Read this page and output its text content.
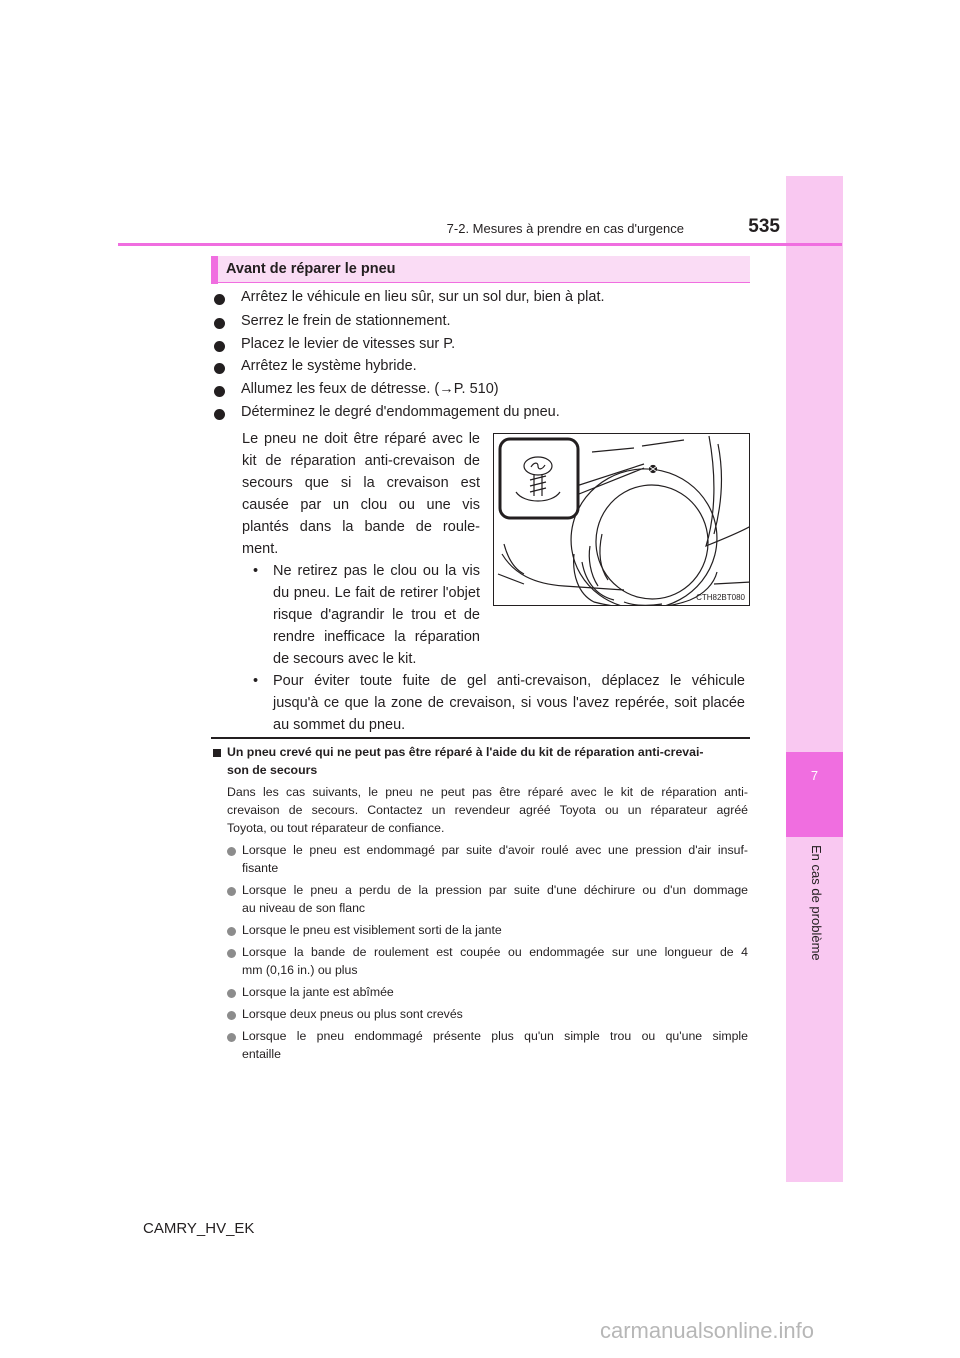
7
En cas de problème
7-2. Mesures à prendre en cas d'urgence	535
Avant de réparer le pneu
Arrêtez le véhicule en lieu sûr, sur un sol dur, bien à plat.
Serrez le frein de stationnement.
Placez le levier de vitesses sur P.
Arrêtez le système hybride.
Allumez les feux de détresse. (→P. 510)
Déterminez le degré d'endommagement du pneu.
Le pneu ne doit être réparé avec le
kit de réparation anti-crevaison de
secours que si la crevaison est
causée par un clou ou une vis
plantés dans la bande de roule-
ment.
• Ne retirez pas le clou ou la vis
du pneu. Le fait de retirer l'objet
risque d'agrandir le trou et de
rendre inefficace la réparation
de secours avec le kit.
• Pour éviter toute fuite de gel anti-crevaison, déplacez le véhicule
jusqu'à ce que la zone de crevaison, si vous l'avez repérée, soit placée
au sommet du pneu.
CTH82BT080
Un pneu crevé qui ne peut pas être réparé à l'aide du kit de réparation anti-crevai-
son de secours
Dans les cas suivants, le pneu ne peut pas être réparé avec le kit de réparation anti-
crevaison de secours. Contactez un revendeur agréé Toyota ou un réparateur agréé
Toyota, ou tout réparateur de confiance.
Lorsque le pneu est endommagé par suite d'avoir roulé avec une pression d'air insuf-
fisante
Lorsque le pneu a perdu de la pression par suite d'une déchirure ou d'un dommage
au niveau de son flanc
Lorsque le pneu est visiblement sorti de la jante
Lorsque la bande de roulement est coupée ou endommagée sur une longueur de 4
mm (0,16 in.) ou plus
Lorsque la jante est abîmée
Lorsque deux pneus ou plus sont crevés
Lorsque le pneu endommagé présente plus qu'un simple trou ou qu'une simple
entaille
CAMRY_HV_EK
carmanualsonline.info
